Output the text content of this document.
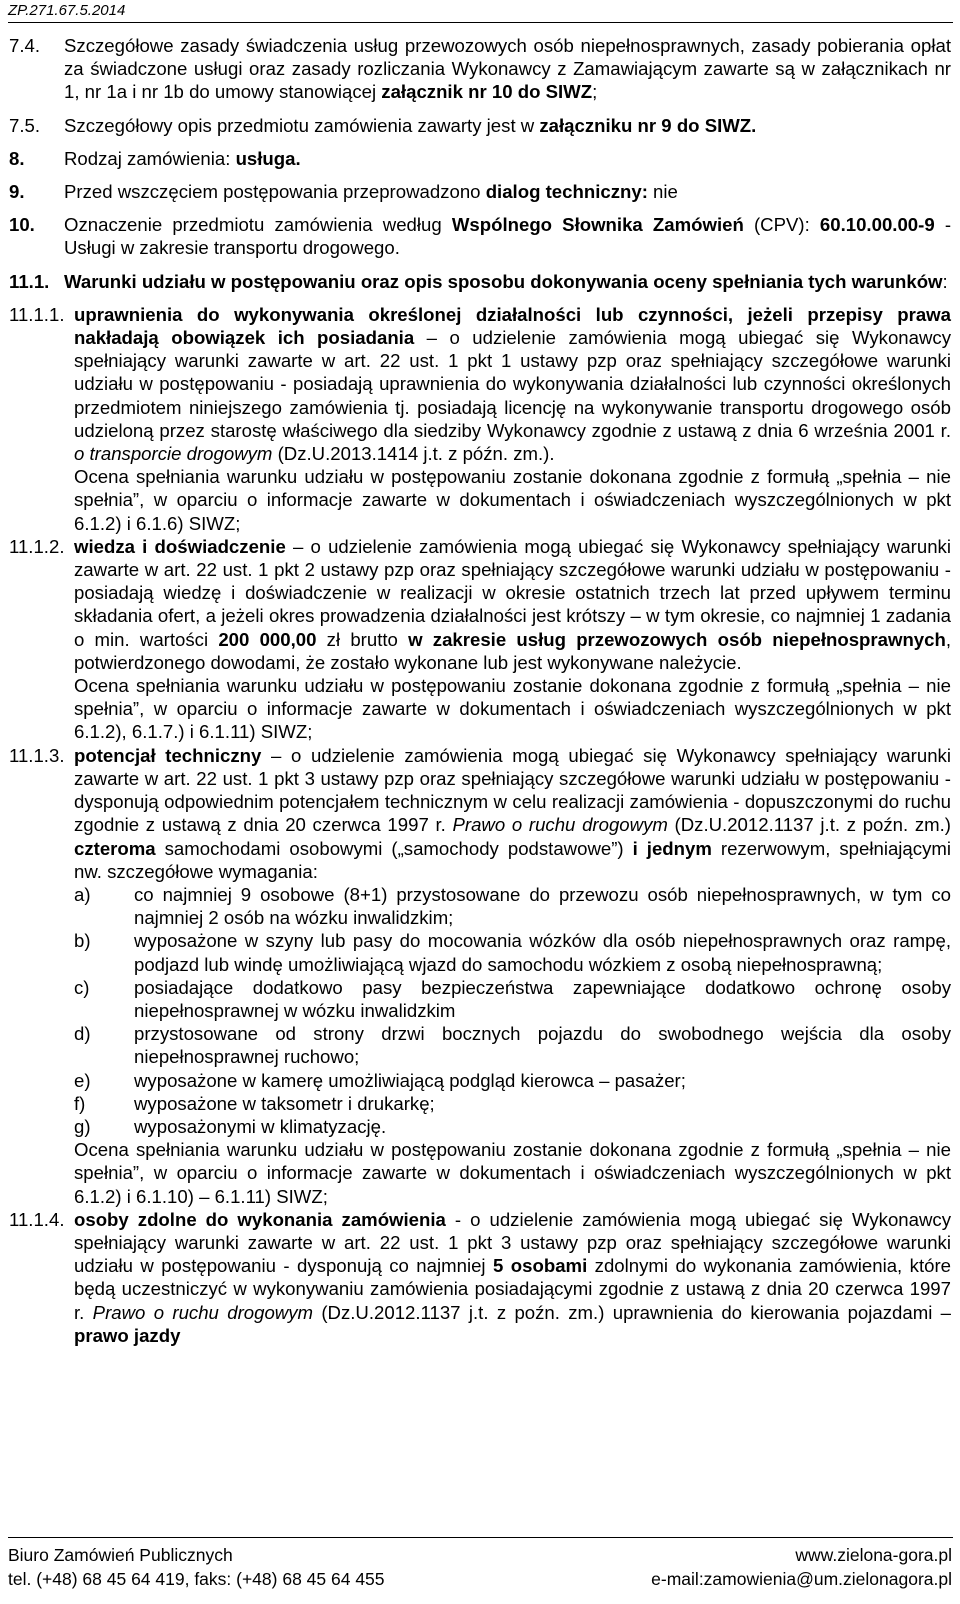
ZP.271.67.5.2014
7.4. Szczegółowe zasady świadczenia usług przewozowych osób niepełnosprawnych, zasady pobierania opłat za świadczone usługi oraz zasady rozliczania Wykonawcy z Zamawiającym zawarte są w załącznikach nr 1, nr 1a i nr 1b do umowy stanowiącej załącznik nr 10 do SIWZ;
7.5. Szczegółowy opis przedmiotu zamówienia zawarty jest w załączniku nr 9 do SIWZ.
8. Rodzaj zamówienia: usługa.
9. Przed wszczęciem postępowania przeprowadzono dialog techniczny: nie
10. Oznaczenie przedmiotu zamówienia według Wspólnego Słownika Zamówień (CPV): 60.10.00.00-9 - Usługi w zakresie transportu drogowego.
11.1. Warunki udziału w postępowaniu oraz opis sposobu dokonywania oceny spełniania tych warunków:
11.1.1. uprawnienia do wykonywania określonej działalności lub czynności, jeżeli przepisy prawa nakładają obowiązek ich posiadania – o udzielenie zamówienia mogą ubiegać się Wykonawcy spełniający warunki zawarte w art. 22 ust. 1 pkt 1 ustawy pzp oraz spełniający szczegółowe warunki udziału w postępowaniu - posiadają uprawnienia do wykonywania działalności lub czynności określonych przedmiotem niniejszego zamówienia tj. posiadają licencję na wykonywanie transportu drogowego osób udzieloną przez starostę właściwego dla siedziby Wykonawcy zgodnie z ustawą z dnia 6 września 2001 r. o transporcie drogowym (Dz.U.2013.1414 j.t. z późn. zm.).

Ocena spełniania warunku udziału w postępowaniu zostanie dokonana zgodnie z formułą „spełnia – nie spełnia”, w oparciu o informacje zawarte w dokumentach i oświadczeniach wyszczególnionych w pkt 6.1.2) i 6.1.6) SIWZ;

11.1.2. wiedza i doświadczenie – o udzielenie zamówienia mogą ubiegać się Wykonawcy spełniający warunki zawarte w art. 22 ust. 1 pkt 2 ustawy pzp oraz spełniający szczegółowe warunki udziału w postępowaniu - posiadają wiedzę i doświadczenie w realizacji w okresie ostatnich trzech lat przed upływem terminu składania ofert, a jeżeli okres prowadzenia działalności jest krótszy – w tym okresie, co najmniej 1 zadania o min. wartości 200 000,00 zł brutto w zakresie usług przewozowych osób niepełnosprawnych, potwierdzonego dowodami, że zostało wykonane lub jest wykonywane należycie.

Ocena spełniania warunku udziału w postępowaniu zostanie dokonana zgodnie z formułą „spełnia – nie spełnia”, w oparciu o informacje zawarte w dokumentach i oświadczeniach wyszczególnionych w pkt 6.1.2), 6.1.7.) i 6.1.11) SIWZ;

11.1.3. potencjał techniczny – o udzielenie zamówienia mogą ubiegać się Wykonawcy spełniający warunki zawarte w art. 22 ust. 1 pkt 3 ustawy pzp oraz spełniający szczegółowe warunki udziału w postępowaniu - dysponują odpowiednim potencjałem technicznym w celu realizacji zamówienia - dopuszczonymi do ruchu zgodnie z ustawą z dnia 20 czerwca 1997 r. Prawo o ruchu drogowym (Dz.U.2012.1137 j.t. z poźn. zm.) czteroma samochodami osobowymi („samochody podstawowe”) i jednym rezerwowym, spełniającymi nw. szczegółowe wymagania:

a) co najmniej 9 osobowe (8+1) przystosowane do przewozu osób niepełnosprawnych, w tym co najmniej 2 osób na wózku inwalidzkim;
b) wyposażone w szyny lub pasy do mocowania wózków dla osób niepełnosprawnych oraz rampę, podjazd lub windę umożliwiającą wjazd do samochodu wózkiem z osobą niepełnosprawną;
c) posiadające dodatkowo pasy bezpieczeństwa zapewniające dodatkowo ochronę osoby niepełnosprawnej w wózku inwalidzkim
d) przystosowane od strony drzwi bocznych pojazdu do swobodnego wejścia dla osoby niepełnosprawnej ruchowo;
e) wyposażone w kamerę umożliwiającą podgląd kierowca – pasażer;
f)	wyposażone w taksometr i drukarkę;
g) wyposażonymi w klimatyzację.

Ocena spełniania warunku udziału w postępowaniu zostanie dokonana zgodnie z formułą „spełnia – nie spełnia”, w oparciu o informacje zawarte w dokumentach i oświadczeniach wyszczególnionych w pkt 6.1.2) i 6.1.10) – 6.1.11) SIWZ;

11.1.4. osoby zdolne do wykonania zamówienia - o udzielenie zamówienia mogą ubiegać się Wykonawcy spełniający warunki zawarte w art. 22 ust. 1 pkt 3 ustawy pzp oraz spełniający szczegółowe warunki udziału w postępowaniu - dysponują co najmniej 5 osobami zdolnymi do wykonania zamówienia, które będą uczestniczyć w wykonywaniu zamówienia posiadającymi zgodnie z ustawą z dnia 20 czerwca 1997 r. Prawo o ruchu drogowym (Dz.U.2012.1137 j.t. z poźn. zm.) uprawnienia do kierowania pojazdami – prawo jazdy

Biuro Zamówień Publicznych
tel. (+48) 68 45 64 419, faks: (+48) 68 45 64 455
www.zielona-gora.pl
e-mail:zamowienia@um.zielonagora.pl
